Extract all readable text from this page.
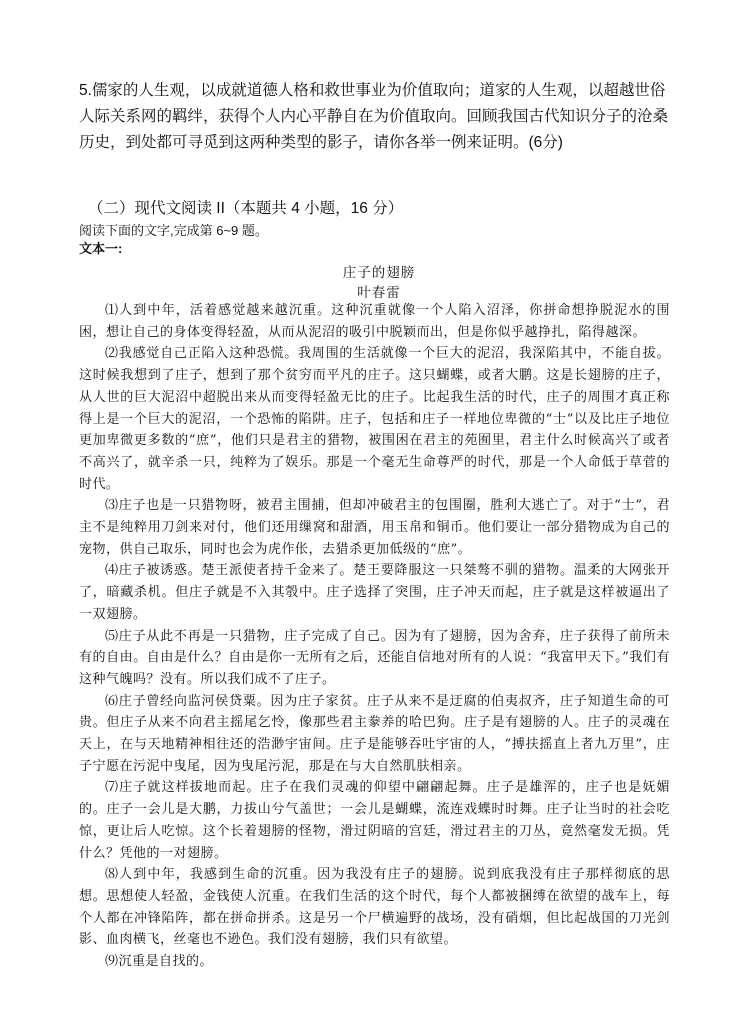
5.儒家的人生观，以成就道德人格和救世事业为价值取向；道家的人生观，以超越世俗人际关系网的羁绊，获得个人内心平静自在为价值取向。回顾我国古代知识分子的沧桑历史，到处都可寻觅到这两种类型的影子，请你各举一例来证明。(6分)

（二）现代文阅读 II（本题共 4 小题，16 分）
阅读下面的文字,完成第 6~9 题。
文本一:
庄子的翅膀
叶春雷

⑴人到中年，活着感觉越来越沉重。这种沉重就像一个人陷入沼泽，你拼命想挣脱泥水的围困，想让自己的身体变得轻盈，从而从泥沼的吸引中脱颖而出，但是你似乎越挣扎，陷得越深。

⑵我感觉自己正陷入这种恐慌。我周围的生活就像一个巨大的泥沼，我深陷其中，不能自拔。这时候我想到了庄子，想到了那个贫穷而平凡的庄子。这只蝴蝶，或者大鹏。这是长翅膀的庄子，从人世的巨大泥沼中超脱出来从而变得轻盈无比的庄子。比起我生活的时代，庄子的周围才真正称得上是一个巨大的泥沼，一个恐怖的陷阱。庄子，包括和庄子一样地位卑微的“士”以及比庄子地位更加卑微更多数的“庶”，他们只是君主的猎物，被围困在君主的苑囿里，君主什么时候高兴了或者不高兴了，就辛杀一只，纯粹为了娱乐。那是一个毫无生命尊严的时代，那是一个人命低于草菅的时代。

⑶庄子也是一只猎物呀，被君主围捕，但却冲破君主的包围圈，胜利大逃亡了。对于“士”，君主不是纯粹用刀剑来对付，他们还用缫窝和甜酒，用玉帛和铜币。他们要让一部分猎物成为自己的宠物，供自己取乐，同时也会为虎作伥，去猎杀更加低级的“庶”。

⑷庄子被诱惑。楚王派使者持千金来了。楚王要降服这一只桀骜不驯的猎物。温柔的大网张开了，暗藏杀机。但庄子就是不入其彀中。庄子选择了突围，庄子冲天而起，庄子就是这样被逼出了一双翅膀。

⑸庄子从此不再是一只猎物，庄子完成了自己。因为有了翅膀，因为舍弃，庄子获得了前所未有的自由。自由是什么？自由是你一无所有之后，还能自信地对所有的人说：“我富甲天下。”我们有这种气魄吗？没有。所以我们成不了庄子。

⑹庄子曾经向监河侯贷粟。因为庄子家贫。庄子从来不是迂腐的伯夷叔齐，庄子知道生命的可贵。但庄子从来不向君主摇尾乞怜，像那些君主豢养的哈巴狗。庄子是有翅膀的人。庄子的灵魂在天上，在与天地精神相往还的浩渺宇宙间。庄子是能够吞吐宇宙的人，“搏扶摇直上者九万里”，庄子宁愿在污泥中曳尾，因为曳尾污泥，那是在与大自然肌肤相亲。

⑺庄子就这样拔地而起。庄子在我们灵魂的仰望中翩翩起舞。庄子是雄浑的，庄子也是妩媚的。庄子一会儿是大鹏，力拔山兮气盖世；一会儿是蝴蝶，流连戏蝶时时舞。庄子让当时的社会吃惊，更让后人吃惊。这个长着翅膀的怪物，滑过阴暗的宫廷，滑过君主的刀丛，竟然毫发无损。凭什么？凭他的一对翅膀。

⑻人到中年，我感到生命的沉重。因为我没有庄子的翅膀。说到底我没有庄子那样彻底的思想。思想使人轻盈，金钱使人沉重。在我们生活的这个时代，每个人都被捆缚在欲望的战车上，每个人都在冲锋陷阵，都在拼命拼杀。这是另一个尸横遍野的战场，没有硝烟，但比起战国的刀光剑影、血肉横飞，丝毫也不逊色。我们没有翅膀，我们只有欲望。

⑼沉重是自找的。
